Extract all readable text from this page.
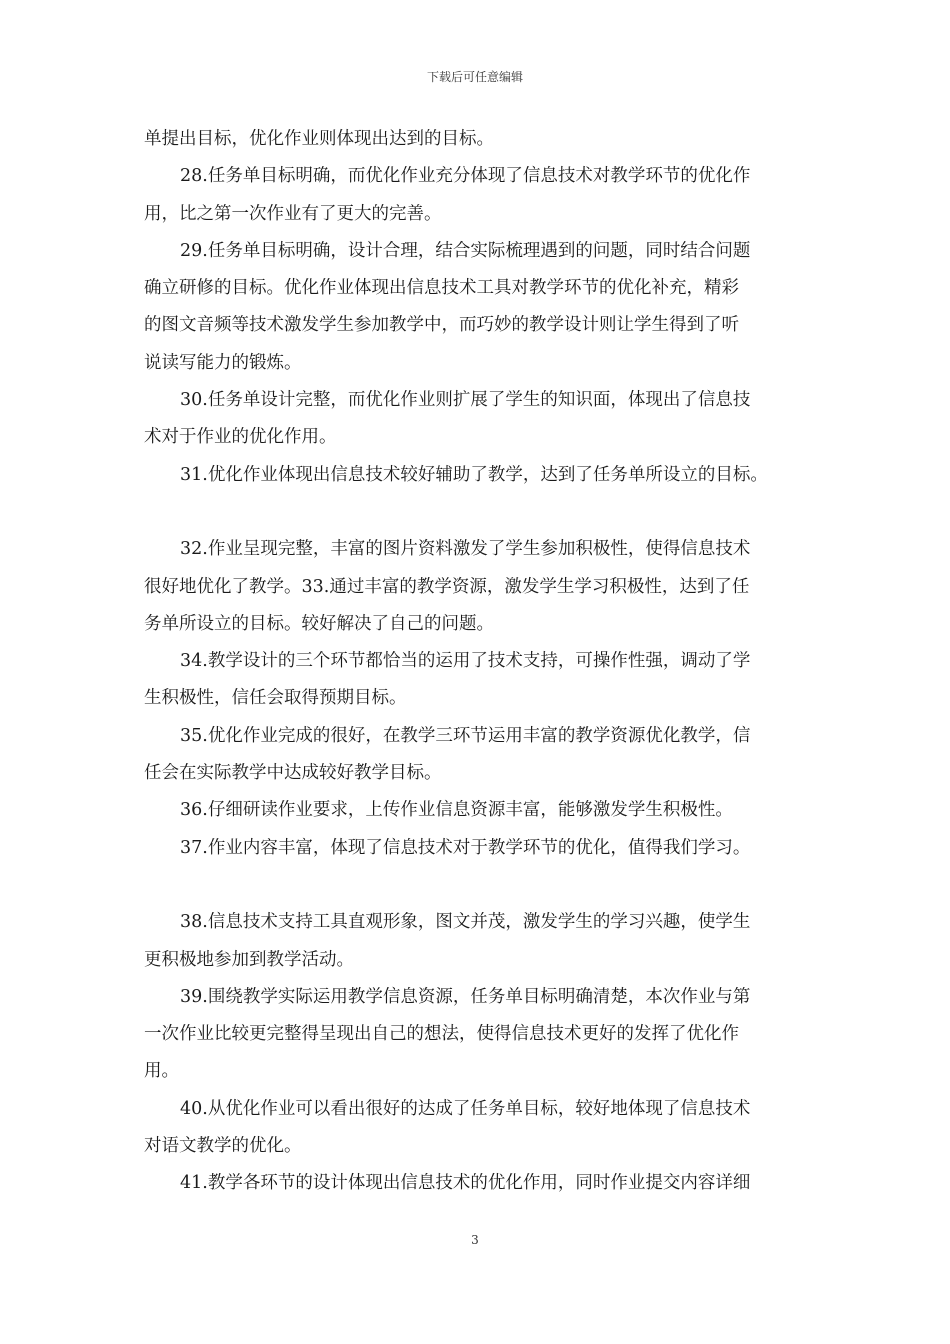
下载后可任意编辑
单提出目标，优化作业则体现出达到的目标。
28.任务单目标明确，而优化作业充分体现了信息技术对教学环节的优化作
用，比之第一次作业有了更大的完善。
29.任务单目标明确，设计合理，结合实际梳理遇到的问题，同时结合问题
确立研修的目标。优化作业体现出信息技术工具对教学环节的优化补充，精彩
的图文音频等技术激发学生参加教学中，而巧妙的教学设计则让学生得到了听
说读写能力的锻炼。
30.任务单设计完整，而优化作业则扩展了学生的知识面，体现出了信息技
术对于作业的优化作用。
31.优化作业体现出信息技术较好辅助了教学，达到了任务单所设立的目标。
32.作业呈现完整，丰富的图片资料激发了学生参加积极性，使得信息技术
很好地优化了教学。33.通过丰富的教学资源，激发学生学习积极性，达到了任
务单所设立的目标。较好解决了自己的问题。
34.教学设计的三个环节都恰当的运用了技术支持，可操作性强，调动了学
生积极性，信任会取得预期目标。
35.优化作业完成的很好，在教学三环节运用丰富的教学资源优化教学，信
任会在实际教学中达成较好教学目标。
36.仔细研读作业要求，上传作业信息资源丰富，能够激发学生积极性。
37.作业内容丰富，体现了信息技术对于教学环节的优化，值得我们学习。
38.信息技术支持工具直观形象，图文并茂，激发学生的学习兴趣，使学生
更积极地参加到教学活动。
39.围绕教学实际运用教学信息资源，任务单目标明确清楚，本次作业与第
一次作业比较更完整得呈现出自己的想法，使得信息技术更好的发挥了优化作
用。
40.从优化作业可以看出很好的达成了任务单目标，较好地体现了信息技术
对语文教学的优化。
41.教学各环节的设计体现出信息技术的优化作用，同时作业提交内容详细
3
